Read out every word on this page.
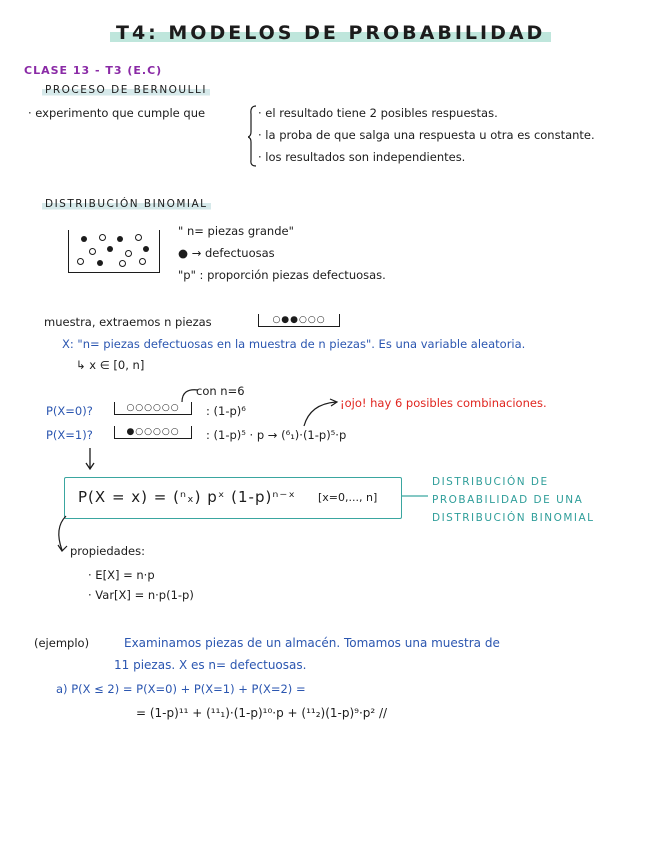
T4: MODELOS DE PROBABILIDAD
CLASE 13 - T3 (E.C)
PROCESO DE BERNOULLI
· experimento que cumple que	· el resultado tiene 2 posibles respuestas.
· la proba de que salga una respuesta u otra es constante.
· los resultados son independientes.
DISTRIBUCIÓN BINOMIAL
" n= piezas grande"
● → defectuosas
"p" : proporción piezas defectuosas.
muestra, extraemos n piezas	○●●○○○
X: "n= piezas defectuosas en la muestra de n piezas". Es una variable aleatoria.
↳ x ∈ [0, n]
con n=6
P(X=0)?	○○○○○○	: (1-p)⁶
¡ojo! hay 6 posibles combinaciones.
P(X=1)?	●○○○○○	: (1-p)⁵ · p → (⁶₁)·(1-p)⁵·p
P(X = x) = (ⁿₓ) pˣ (1-p)ⁿ⁻ˣ [x=0,..., n]
DISTRIBUCIÓN DE
PROBABILIDAD DE UNA
DISTRIBUCIÓN BINOMIAL
propiedades:
· E[X] = n·p
· Var[X] = n·p(1-p)
(ejemplo)	Examinamos piezas de un almacén. Tomamos una muestra de
11 piezas. X es n= defectuosas.
a) P(X ≤ 2) = P(X=0) + P(X=1) + P(X=2) =
= (1-p)¹¹ + (¹¹₁)·(1-p)¹⁰·p + (¹¹₂)(1-p)⁹·p² //
